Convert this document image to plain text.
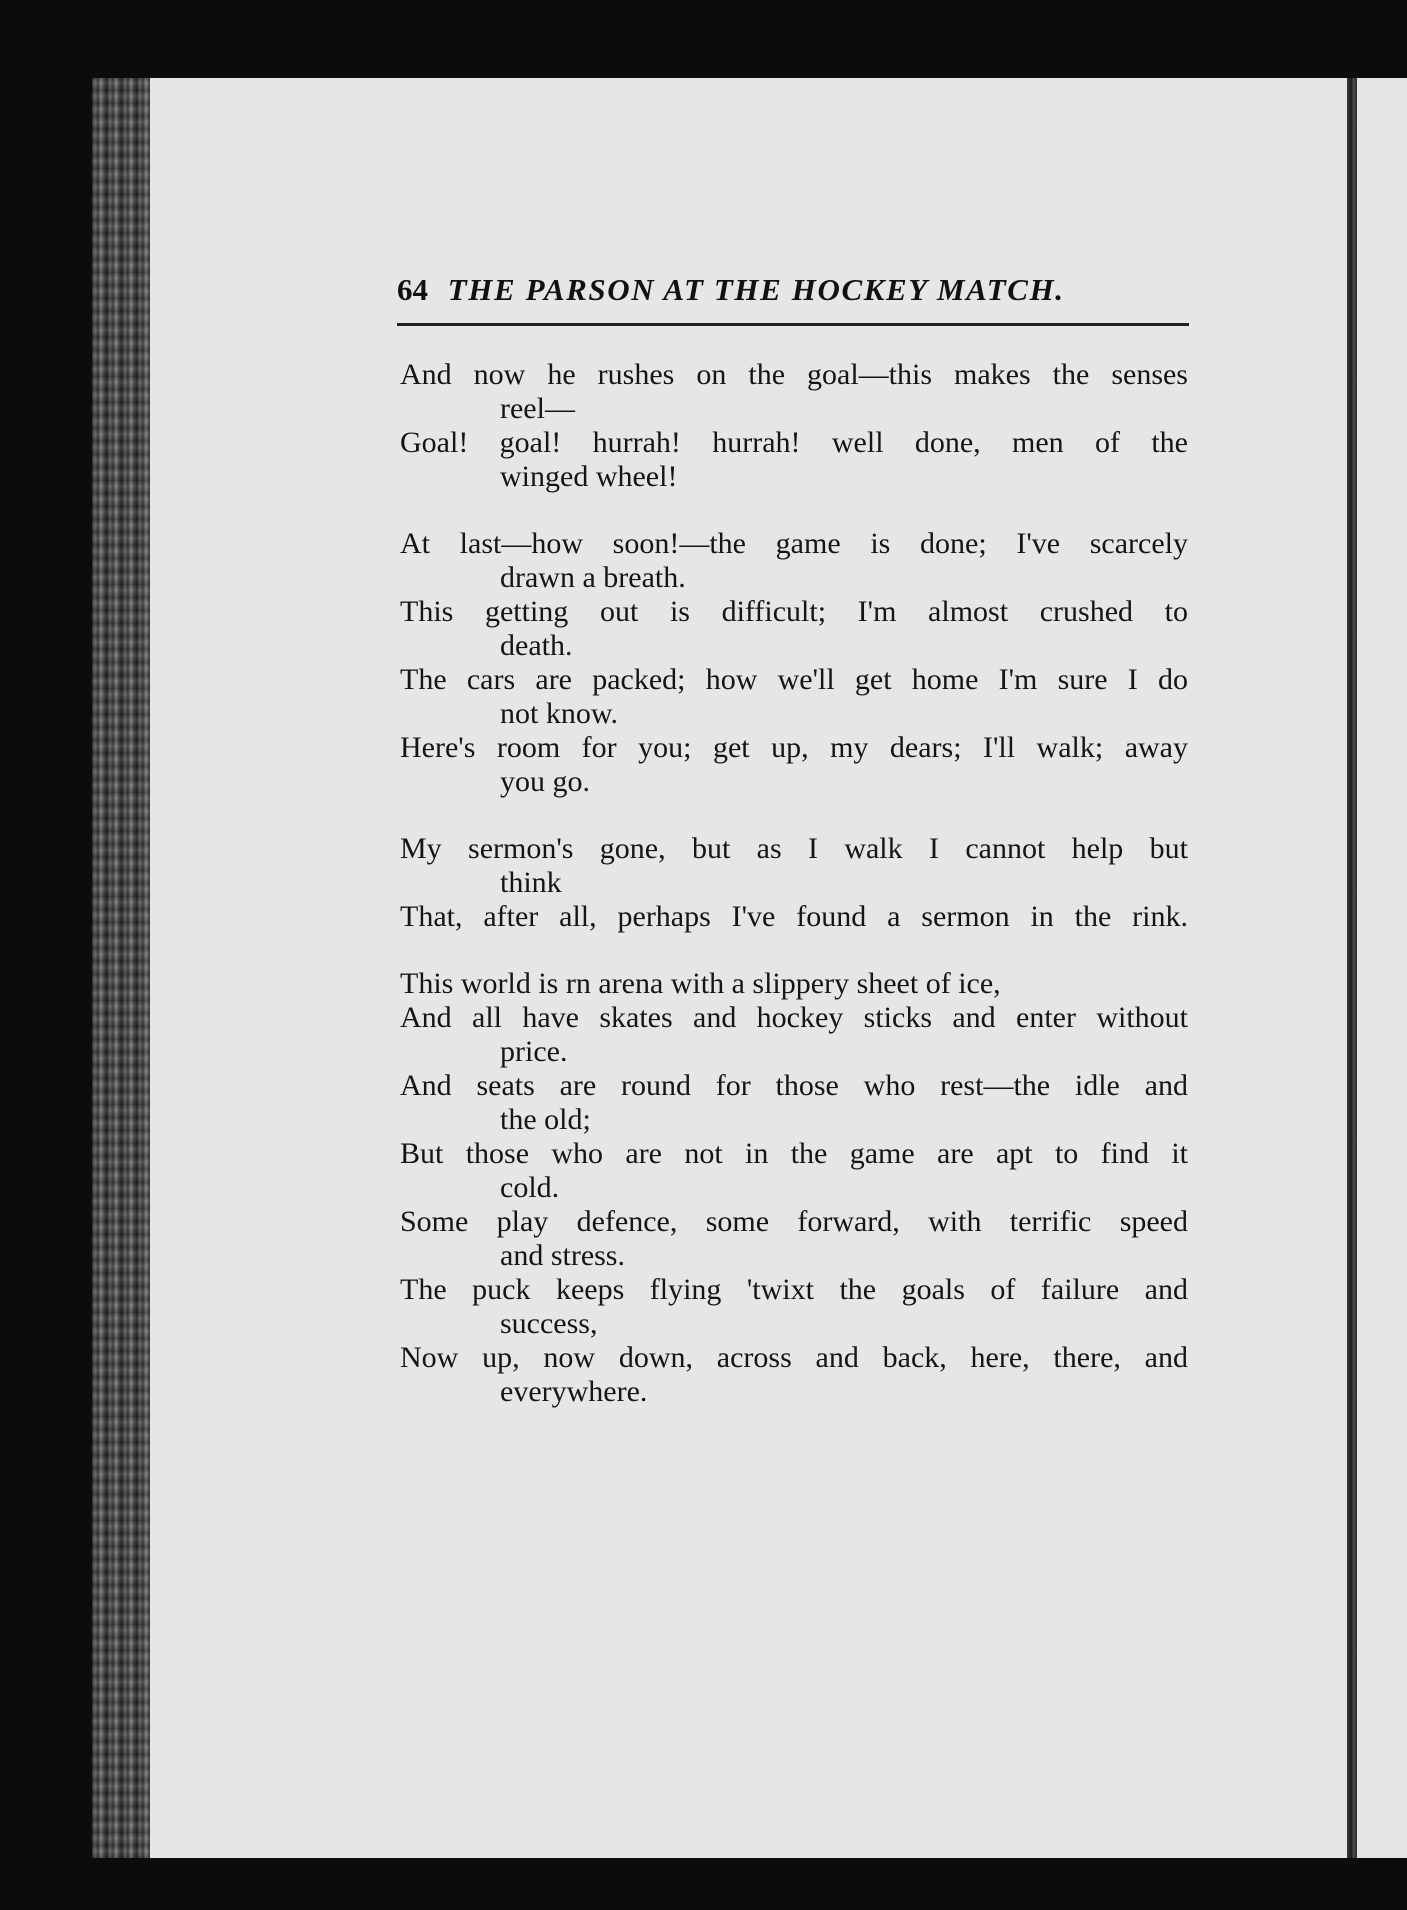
64 THE PARSON AT THE HOCKEY MATCH.
And now he rushes on the goal—this makes the senses
reel—
Goal! goal! hurrah! hurrah! well done, men of the
winged wheel!
At last—how soon!—the game is done; I've scarcely
drawn a breath.
This getting out is difficult; I'm almost crushed to
death.
The cars are packed; how we'll get home I'm sure I do
not know.
Here's room for you; get up, my dears; I'll walk; away
you go.
My sermon's gone, but as I walk I cannot help but
think
That, after all, perhaps I've found a sermon in the rink.
This world is rn arena with a slippery sheet of ice,
And all have skates and hockey sticks and enter without
price.
And seats are round for those who rest—the idle and
the old;
But those who are not in the game are apt to find it
cold.
Some play defence, some forward, with terrific speed
and stress.
The puck keeps flying 'twixt the goals of failure and
success,
Now up, now down, across and back, here, there, and
everywhere.
